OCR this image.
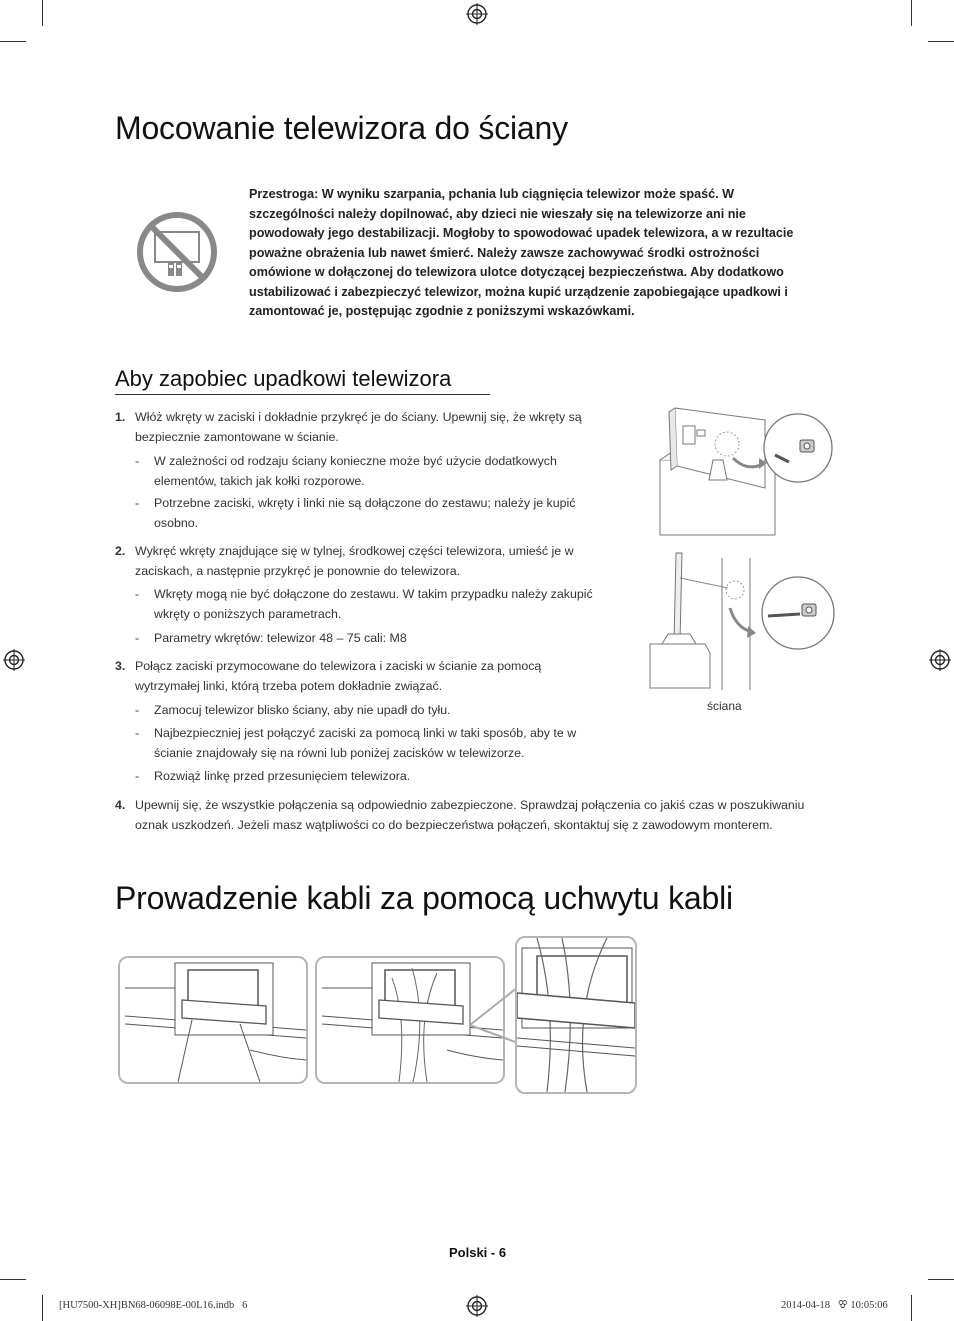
Mocowanie telewizora do ściany
Przestroga: W wyniku szarpania, pchania lub ciągnięcia telewizor może spaść. W szczególności należy dopilnować, aby dzieci nie wieszały się na telewizorze ani nie powodowały jego destabilizacji. Mogłoby to spowodować upadek telewizora, a w rezultacie poważne obrażenia lub nawet śmierć. Należy zawsze zachowywać środki ostrożności omówione w dołączonej do telewizora ulotce dotyczącej bezpieczeństwa. Aby dodatkowo ustabilizować i zabezpieczyć telewizor, można kupić urządzenie zapobiegające upadkowi i zamontować je, postępując zgodnie z poniższymi wskazówkami.
Aby zapobiec upadkowi telewizora
1. Włóż wkręty w zaciski i dokładnie przykręć je do ściany. Upewnij się, że wkręty są bezpiecznie zamontowane w ścianie.
- W zależności od rodzaju ściany konieczne może być użycie dodatkowych elementów, takich jak kołki rozporowe.
- Potrzebne zaciski, wkręty i linki nie są dołączone do zestawu; należy je kupić osobno.
2. Wykręć wkręty znajdujące się w tylnej, środkowej części telewizora, umieść je w zaciskach, a następnie przykręć je ponownie do telewizora.
- Wkręty mogą nie być dołączone do zestawu. W takim przypadku należy zakupić wkręty o poniższych parametrach.
- Parametry wkrętów: telewizor 48 – 75 cali: M8
3. Połącz zaciski przymocowane do telewizora i zaciski w ścianie za pomocą wytrzymałej linki, którą trzeba potem dokładnie związać.
- Zamocuj telewizor blisko ściany, aby nie upadł do tyłu.
- Najbezpieczniej jest połączyć zaciski za pomocą linki w taki sposób, aby te w ścianie znajdowały się na równi lub poniżej zacisków w telewizorze.
- Rozwiąż linkę przed przesunięciem telewizora.
4. Upewnij się, że wszystkie połączenia są odpowiednio zabezpieczone. Sprawdzaj połączenia co jakiś czas w poszukiwaniu oznak uszkodzeń. Jeżeli masz wątpliwości co do bezpieczeństwa połączeń, skontaktuj się z zawodowym monterem.
ściana
Prowadzenie kabli za pomocą uchwytu kabli
Polski - 6
[HU7500-XH]BN68-06098E-00L16.indb   6	2014-04-18   ꕢ 10:05:06
